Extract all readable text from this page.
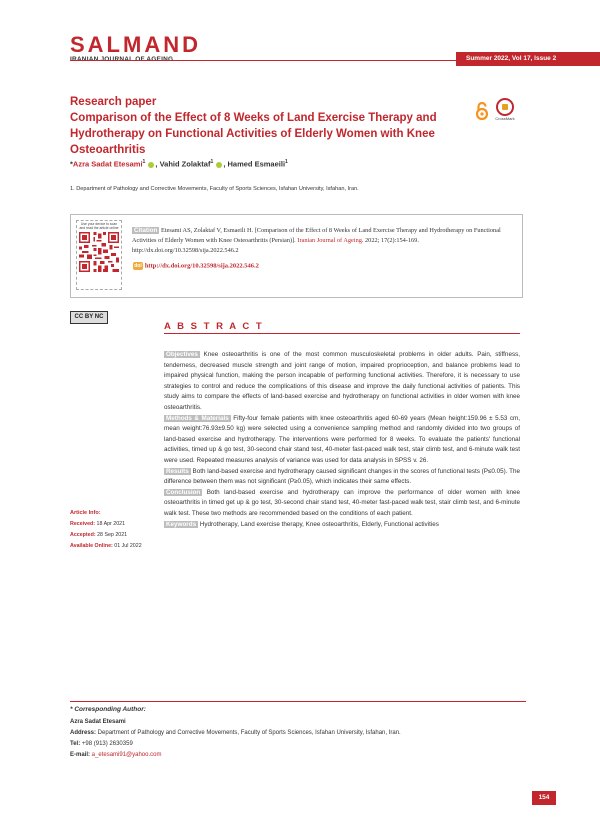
SALMAND
Summer 2022, Vol 17, Issue 2
Research paper
Comparison of the Effect of 8 Weeks of Land Exercise Therapy and Hydrotherapy on Functional Activities of Elderly Women with Knee Osteoarthritis
CrossMark
*Azra Sadat Etesami$^1$ , Vahid Zolaktaf$^1$ , Hamed Esmaeili$^1$
1. Department of Pathology and Corrective Movements, Faculty of Sports Sciences, Isfahan University, Isfahan, Iran.
Use your device to scan and read the article online	Citation Etesami AS, Zolaktaf V, Esmaeili H. [Comparison of the Effect of 8 Weeks of Land Exercise Therapy and Hydrotherapy on Functional Activities of Elderly Women with Knee Osteoarthritis (Persian)]. Iranian Journal of Ageing. 2022; 17(2):154-169. http://dx.doi.org/10.32598/sija.2022.546.2
doi http://dx.doi.org/10.32598/sija.2022.546.2
CC BY NC
A B S T R A C T

Objectives Knee osteoarthritis is one of the most common musculoskeletal problems in older adults. Pain, stiffness, tenderness, decreased muscle strength and joint range of motion, impaired proprioception, and balance problems lead to impaired physical function, making the person incapable of performing functional activities. Therefore, it is necessary to use strategies to control and reduce the complications of this disease and improve the daily functional activities of patients. This study aims to compare the effects of land-based exercise and hydrotherapy on functional activities in older women with knee osteoarthritis.

Methods & Materials Fifty-four female patients with knee osteoarthritis aged 60-69 years (Mean height:159.96 ± 5.53 cm, mean weight:76.93±9.50 kg) were selected using a convenience sampling method and randomly divided into two groups of land-based exercise and hydrotherapy. The interventions were performed for 8 weeks. To evaluate the patients' functional activities, timed up & go test, 30-second chair stand test, 40-meter fast-paced walk test, stair climb test, and 6-minute walk test were used. Repeated measures analysis of variance was used for data analysis in SPSS v. 26.

Results Both land-based exercise and hydrotherapy caused significant changes in the scores of functional tests (P≤0.05). The difference between them was not significant (P≥0.05), which indicates their same effects.

Conclusion Both land-based exercise and hydrotherapy can improve the performance of older women with knee osteoarthritis in timed get up & go test, 30-second chair stand test, 40-meter fast-paced walk test, stair climb test, and 6-minute walk test. These two methods are recommended based on the conditions of each patient.

Keywords Hydrotherapy, Land exercise therapy, Knee osteoarthritis, Elderly, Functional activities

Article Info:
Received: 18 Apr 2021
Accepted: 28 Sep 2021
Available Online: 01 Jul 2022
* Corresponding Author:
Azra Sadat Etesami
Address: Department of Pathology and Corrective Movements, Faculty of Sports Sciences, Isfahan University, Isfahan, Iran.
Tel: +98 (913) 2630359
E-mail: a_etesami91@yahoo.com
154
